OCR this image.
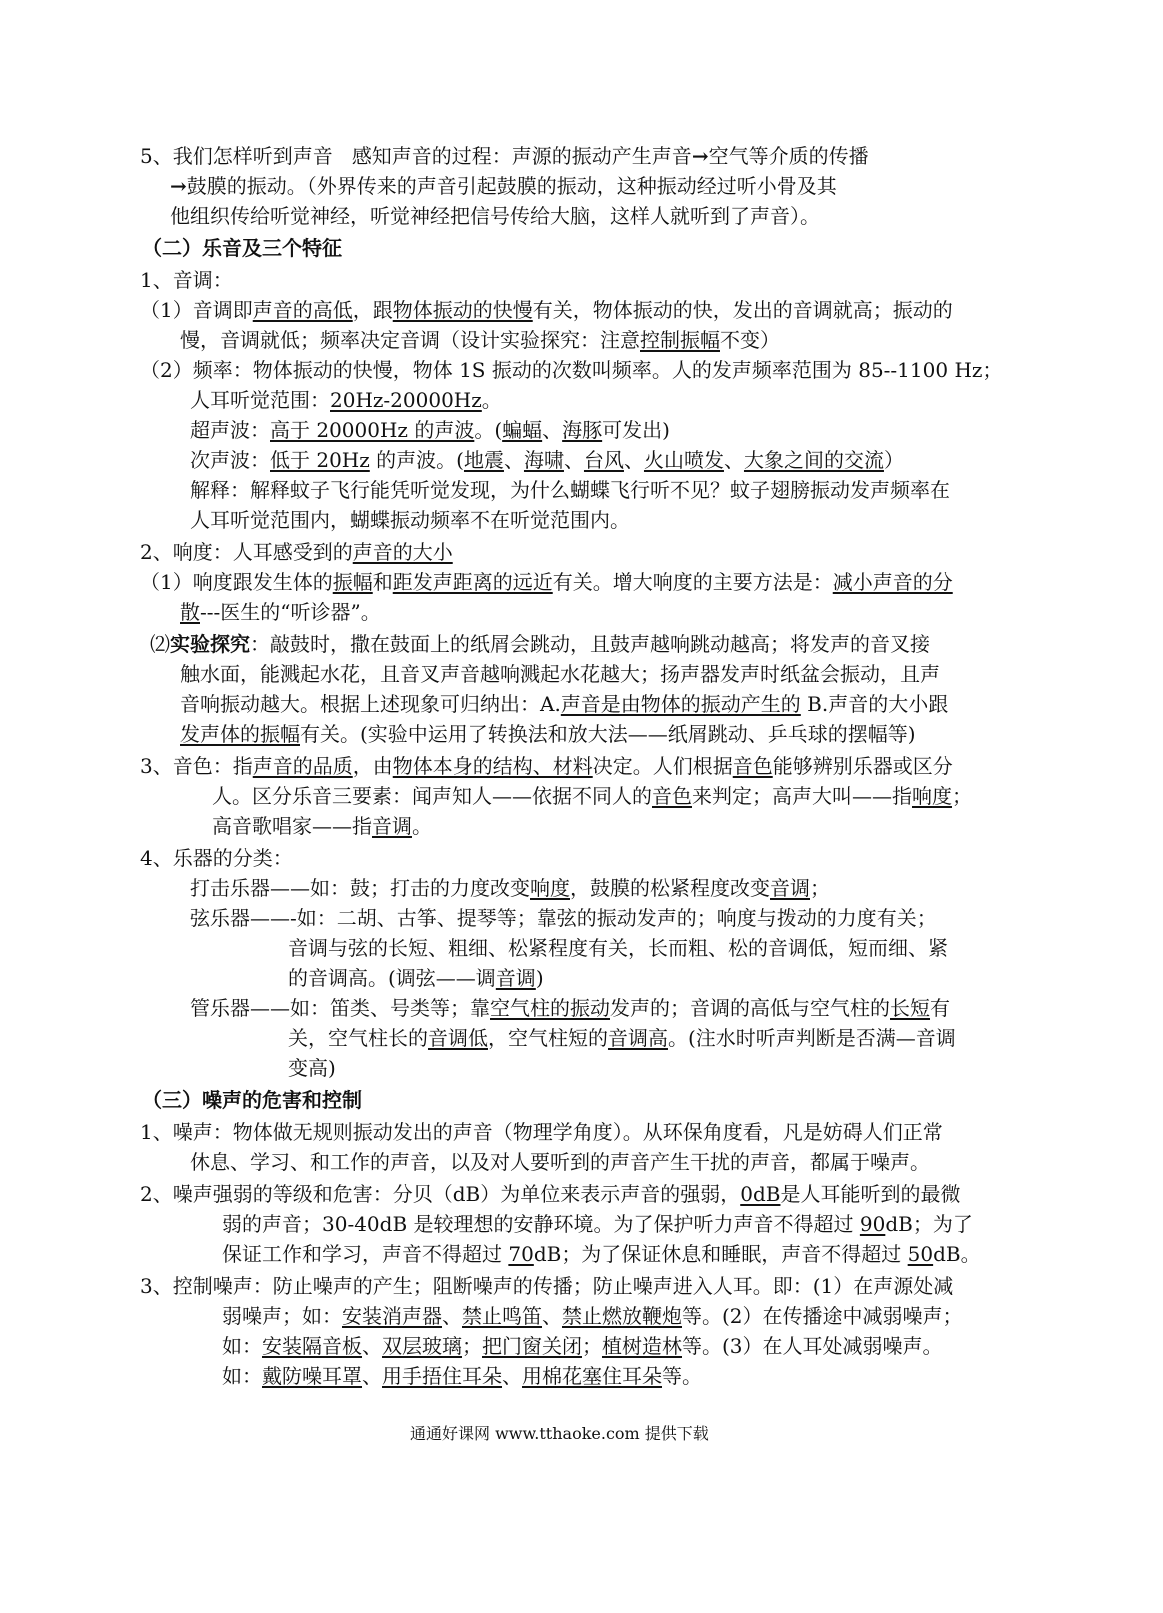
5、我们怎样听到声音 感知声音的过程：声源的振动产生声音→空气等介质的传播
→鼓膜的振动。（外界传来的声音引起鼓膜的振动，这种振动经过听小骨及其
他组织传给听觉神经，听觉神经把信号传给大脑，这样人就听到了声音）。
（二）乐音及三个特征
1、音调：
（1）音调即声音的高低，跟物体振动的快慢有关，物体振动的快，发出的音调就高；振动的
慢，音调就低；频率决定音调（设计实验探究：注意控制振幅不变）
（2）频率：物体振动的快慢，物体 1S 振动的次数叫频率。人的发声频率范围为 85--1100 Hz；
人耳听觉范围：20Hz-20000Hz。
超声波：高于 20000Hz 的声波。(蝙蝠、海豚可发出)
次声波：低于 20Hz 的声波。(地震、海啸、台风、火山喷发、大象之间的交流）
解释：解释蚊子飞行能凭听觉发现，为什么蝴蝶飞行听不见？蚊子翅膀振动发声频率在
人耳听觉范围内，蝴蝶振动频率不在听觉范围内。
2、响度：人耳感受到的声音的大小
（1）响度跟发生体的振幅和距发声距离的远近有关。增大响度的主要方法是：减小声音的分
散---医生的“听诊器”。
⑵实验探究：敲鼓时，撒在鼓面上的纸屑会跳动，且鼓声越响跳动越高；将发声的音叉接
触水面，能溅起水花，且音叉声音越响溅起水花越大；扬声器发声时纸盆会振动，且声
音响振动越大。根据上述现象可归纳出：A.声音是由物体的振动产生的 B.声音的大小跟
发声体的振幅有关。(实验中运用了转换法和放大法——纸屑跳动、乒乓球的摆幅等)
3、音色：指声音的品质，由物体本身的结构、材料决定。人们根据音色能够辨别乐器或区分
人。区分乐音三要素：闻声知人——依据不同人的音色来判定；高声大叫——指响度；
高音歌唱家——指音调。
4、乐器的分类：
打击乐器——如：鼓；打击的力度改变响度，鼓膜的松紧程度改变音调；
弦乐器——-如：二胡、古筝、提琴等；靠弦的振动发声的；响度与拨动的力度有关；
音调与弦的长短、粗细、松紧程度有关，长而粗、松的音调低，短而细、紧
的音调高。(调弦——调音调)
管乐器——如：笛类、号类等；靠空气柱的振动发声的；音调的高低与空气柱的长短有
关，空气柱长的音调低，空气柱短的音调高。(注水时听声判断是否满—音调
变高)
（三）噪声的危害和控制
1、噪声：物体做无规则振动发出的声音（物理学角度）。从环保角度看，凡是妨碍人们正常
休息、学习、和工作的声音，以及对人要听到的声音产生干扰的声音，都属于噪声。
2、噪声强弱的等级和危害：分贝（dB）为单位来表示声音的强弱，0dB是人耳能听到的最微
弱的声音；30-40dB 是较理想的安静环境。为了保护听力声音不得超过 90dB；为了
保证工作和学习，声音不得超过 70dB；为了保证休息和睡眠，声音不得超过 50dB。
3、控制噪声：防止噪声的产生；阻断噪声的传播；防止噪声进入人耳。即：(1）在声源处减
弱噪声；如：安装消声器、禁止鸣笛、禁止燃放鞭炮等。(2）在传播途中减弱噪声；
如：安装隔音板、双层玻璃；把门窗关闭；植树造林等。(3）在人耳处减弱噪声。
如：戴防噪耳罩、用手捂住耳朵、用棉花塞住耳朵等。
通通好课网 www.tthaoke.com 提供下载
